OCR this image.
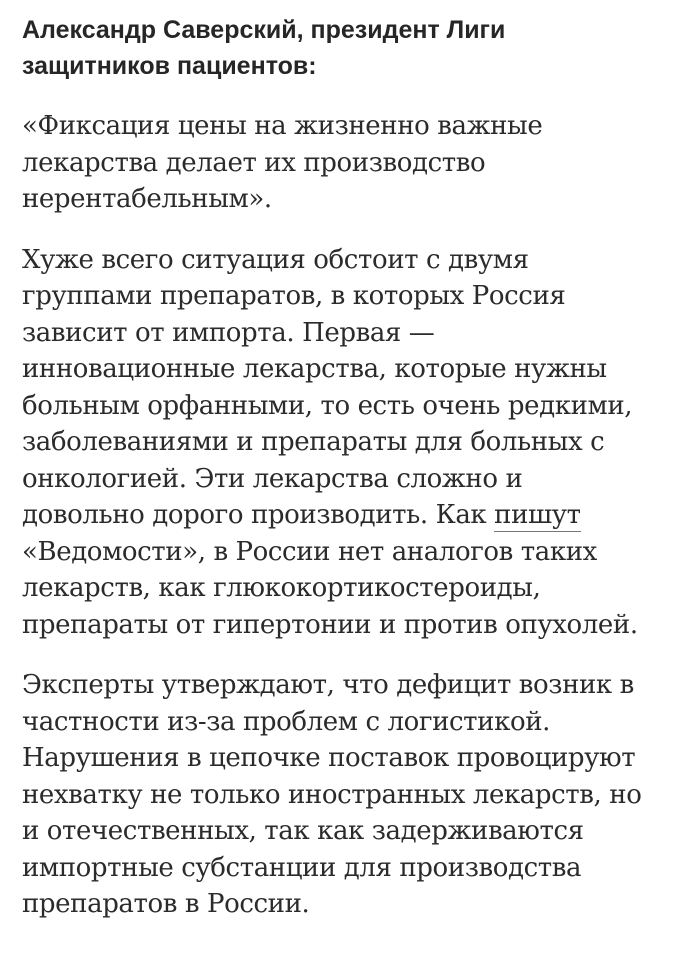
Александр Саверский, президент Лиги
защитников пациентов:
«Фиксация цены на жизненно важные
лекарства делает их производство
нерентабельным».
Хуже всего ситуация обстоит с двумя
группами препаратов, в которых Россия
зависит от импорта. Первая —
инновационные лекарства, которые нужны
больным орфанными, то есть очень редкими,
заболеваниями и препараты для больных с
онкологией. Эти лекарства сложно и
довольно дорого производить. Как пишут
«Ведомости», в России нет аналогов таких
лекарств, как глюкокортикостероиды,
препараты от гипертонии и против опухолей.
Эксперты утверждают, что дефицит возник в
частности из-за проблем с логистикой.
Нарушения в цепочке поставок провоцируют
нехватку не только иностранных лекарств, но
и отечественных, так как задерживаются
импортные субстанции для производства
препаратов в России.
